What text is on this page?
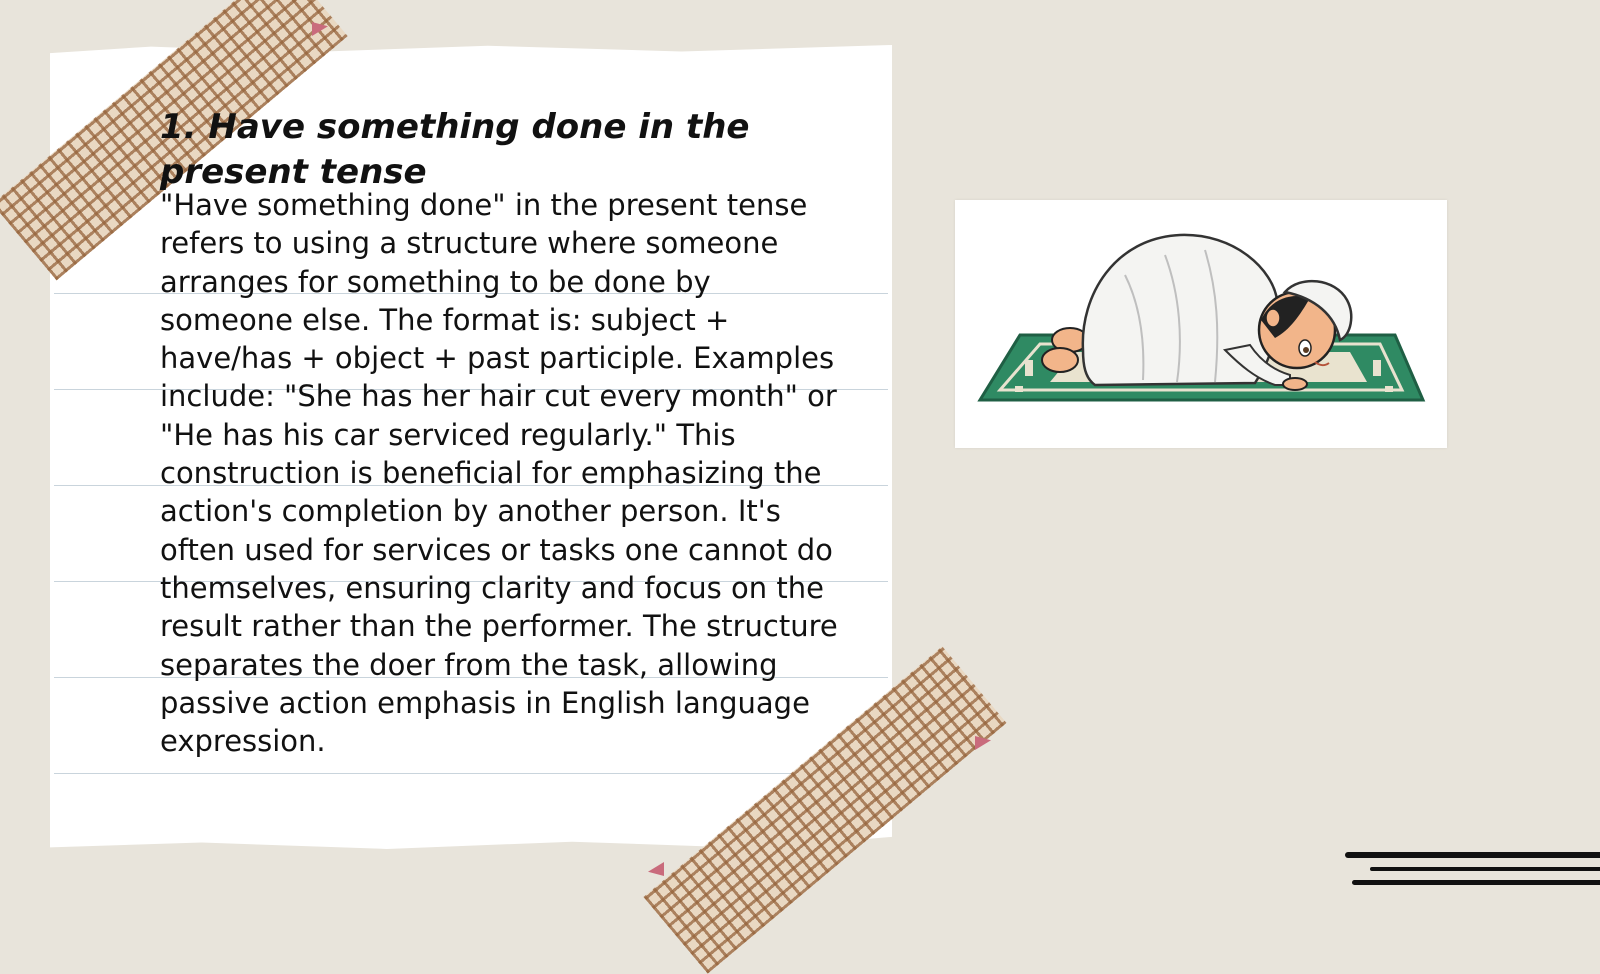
1. Have something done in the present tense

"Have something done" in the present tense refers to using a structure where someone arranges for something to be done by someone else. The format is: subject + have/has + object + past participle. Examples include: "She has her hair cut every month" or "He has his car serviced regularly." This construction is beneficial for emphasizing the action's completion by another person. It's often used for services or tasks one cannot do themselves, ensuring clarity and focus on the result rather than the performer. The structure separates the doer from the task, allowing passive action emphasis in English language expression.
